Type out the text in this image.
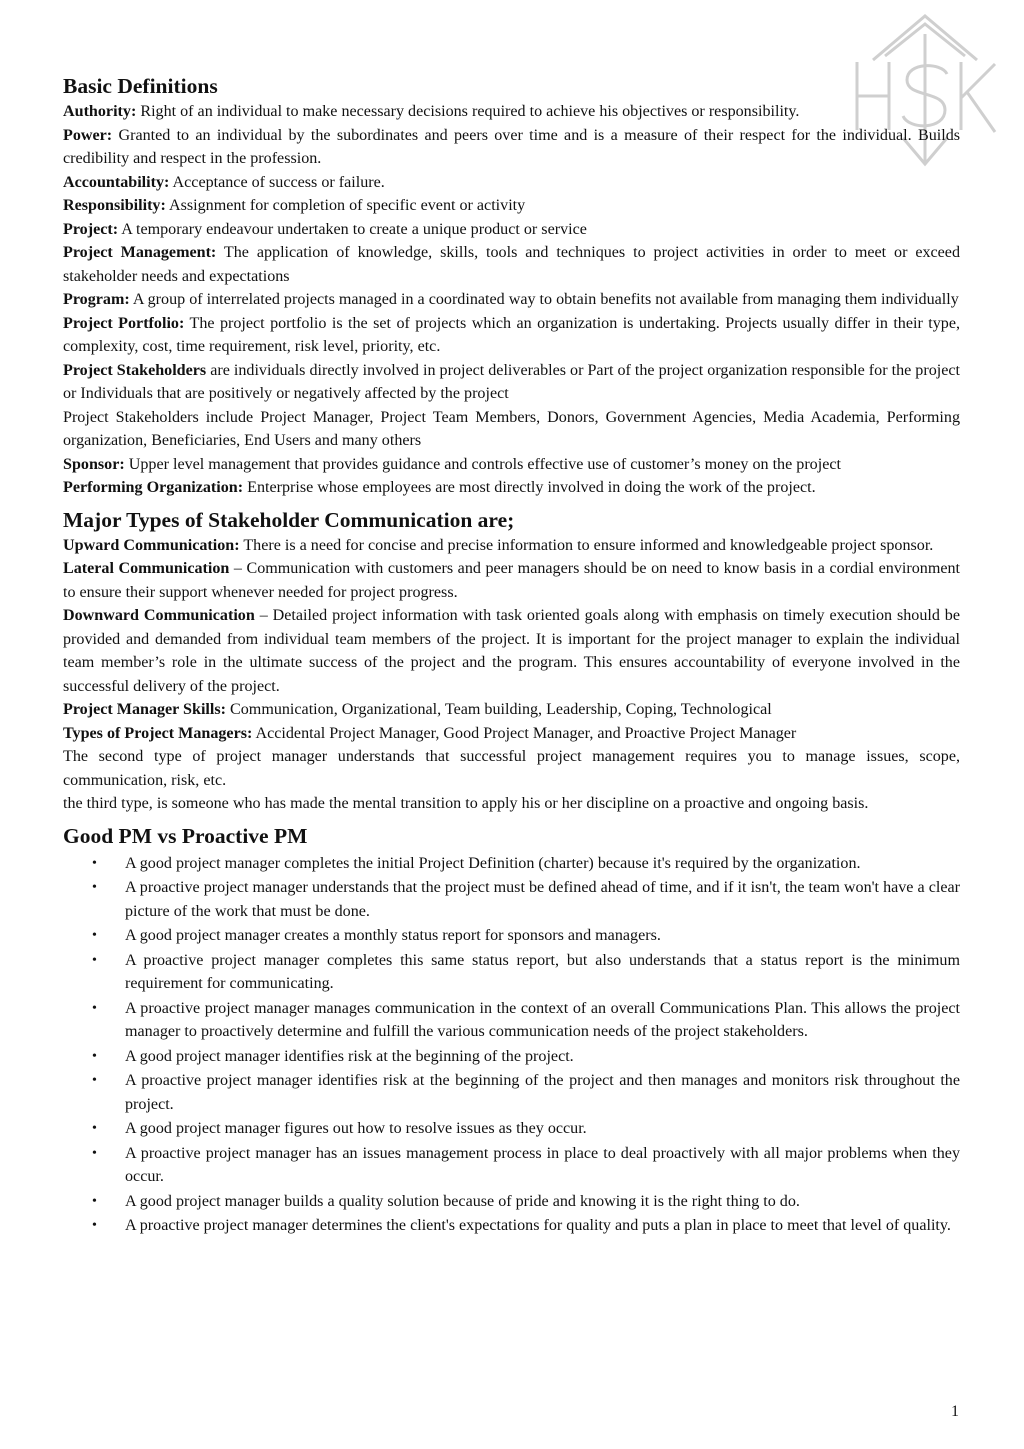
Basic Definitions

Authority: Right of an individual to make necessary decisions required to achieve his objectives or responsibility.

Power: Granted to an individual by the subordinates and peers over time and is a measure of their respect for the individual. Builds credibility and respect in the profession.

Accountability: Acceptance of success or failure.

Responsibility: Assignment for completion of specific event or activity

Project: A temporary endeavour undertaken to create a unique product or service

Project Management: The application of knowledge, skills, tools and techniques to project activities in order to meet or exceed stakeholder needs and expectations

Program: A group of interrelated projects managed in a coordinated way to obtain benefits not available from managing them individually

Project Portfolio: The project portfolio is the set of projects which an organization is undertaking. Projects usually differ in their type, complexity, cost, time requirement, risk level, priority, etc.

Project Stakeholders are individuals directly involved in project deliverables or Part of the project organization responsible for the project or Individuals that are positively or negatively affected by the project

Project Stakeholders include Project Manager, Project Team Members, Donors, Government Agencies, Media Academia, Performing organization, Beneficiaries, End Users and many others

Sponsor: Upper level management that provides guidance and controls effective use of customer’s money on the project

Performing Organization: Enterprise whose employees are most directly involved in doing the work of the project.

Major Types of Stakeholder Communication are;

Upward Communication: There is a need for concise and precise information to ensure informed and knowledgeable project sponsor.

Lateral Communication – Communication with customers and peer managers should be on need to know basis in a cordial environment to ensure their support whenever needed for project progress.

Downward Communication – Detailed project information with task oriented goals along with emphasis on timely execution should be provided and demanded from individual team members of the project. It is important for the project manager to explain the individual team member’s role in the ultimate success of the project and the program. This ensures accountability of everyone involved in the successful delivery of the project.

Project Manager Skills: Communication, Organizational, Team building, Leadership, Coping, Technological

Types of Project Managers: Accidental Project Manager, Good Project Manager, and Proactive Project Manager

The second type of project manager understands that successful project management requires you to manage issues, scope, communication, risk, etc.

the third type, is someone who has made the mental transition to apply his or her discipline on a proactive and ongoing basis.

Good PM vs Proactive PM
• A good project manager completes the initial Project Definition (charter) because it's required by the organization.
• A proactive project manager understands that the project must be defined ahead of time, and if it isn't, the team won't have a clear picture of the work that must be done.
• A good project manager creates a monthly status report for sponsors and managers.
• A proactive project manager completes this same status report, but also understands that a status report is the minimum requirement for communicating.
• A proactive project manager manages communication in the context of an overall Communications Plan. This allows the project manager to proactively determine and fulfill the various communication needs of the project stakeholders.
• A good project manager identifies risk at the beginning of the project.
• A proactive project manager identifies risk at the beginning of the project and then manages and monitors risk throughout the project.
• A good project manager figures out how to resolve issues as they occur.
• A proactive project manager has an issues management process in place to deal proactively with all major problems when they occur.
• A good project manager builds a quality solution because of pride and knowing it is the right thing to do.
• A proactive project manager determines the client's expectations for quality and puts a plan in place to meet that level of quality.
1
